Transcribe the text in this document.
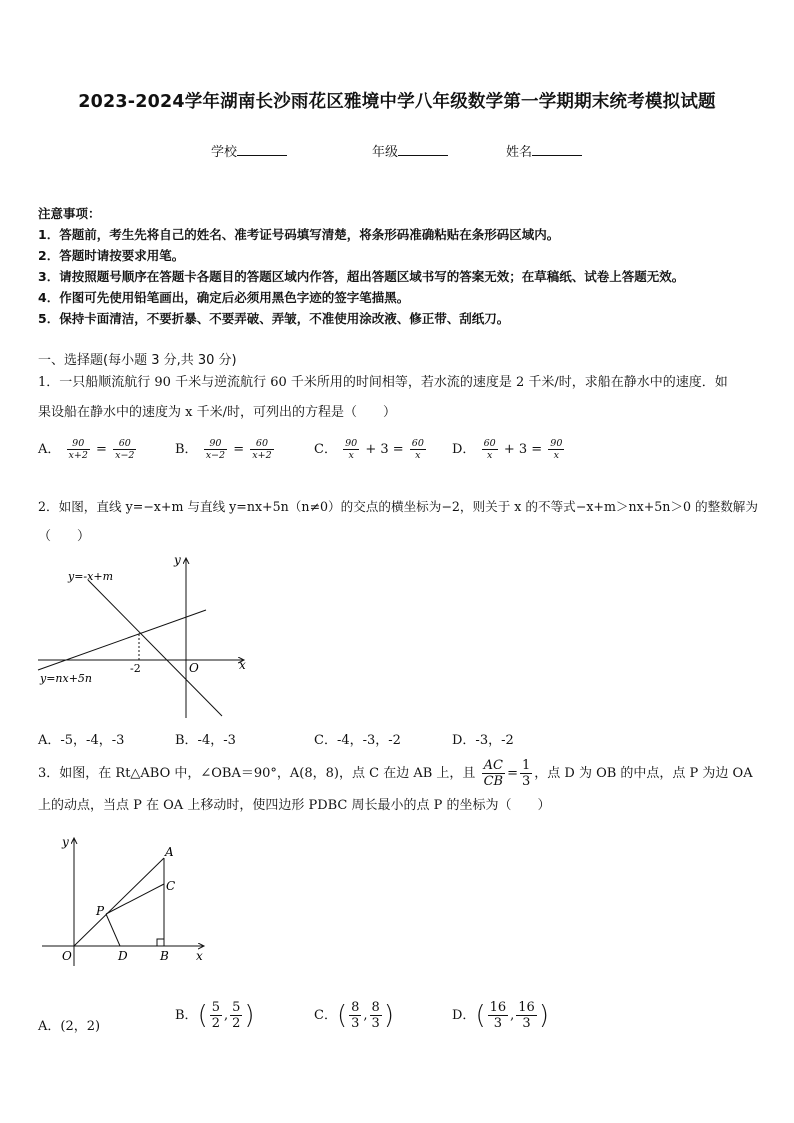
2023-2024学年湖南长沙雨花区雅境中学八年级数学第一学期期末统考模拟试题
学校	年级	姓名
注意事项：
1．答题前，考生先将自己的姓名、准考证号码填写清楚，将条形码准确粘贴在条形码区域内。
2．答题时请按要求用笔。
3．请按照题号顺序在答题卡各题目的答题区域内作答，超出答题区域书写的答案无效；在草稿纸、试卷上答题无效。
4．作图可先使用铅笔画出，确定后必须用黑色字迹的签字笔描黑。
5．保持卡面清洁，不要折暴、不要弄破、弄皱，不准使用涂改液、修正带、刮纸刀。
一、选择题(每小题 3 分,共 30 分)
1．一只船顺流航行 90 千米与逆流航行 60 千米所用的时间相等，若水流的速度是 2 千米/时，求船在静水中的速度．如
果设船在静水中的速度为 x 千米/时，可列出的方程是（　　）
A． $\frac{90}{x+2} = \frac{60}{x-2}$	B． $\frac{90}{x-2} = \frac{60}{x+2}$	C． $\frac{90}{x} + 3 = \frac{60}{x}$ D． $\frac{60}{x} + 3 = \frac{90}{x}$
2．如图，直线 y=−x+m 与直线 y=nx+5n（n≠0）的交点的横坐标为−2，则关于 x 的不等式−x+m＞nx+5n＞0 的整数解为
（　　）
x
y
O
-2
y=-x+m
y=nx+5n
A．-5，-4，-3	B．-4，-3	C．-4，-3，-2	D．-3，-2
3．如图，在 Rt△ABO 中，∠OBA＝90°，A(8，8)，点 C 在边 AB 上，且 $\frac{AC}{CB} = \frac{1}{3}$ ，点 D 为 OB 的中点，点 P 为边 OA
上的动点，当点 P 在 OA 上移动时，使四边形 PDBC 周长最小的点 P 的坐标为（　　）
A
C
P
O	D	B x
y
A．(2，2)
B．( $\frac{5}{2}$ , $\frac{5}{2}$ )	C．( $\frac{8}{3}$ , $\frac{8}{3}$ )	D．( $\frac{16}{3}$ , $\frac{16}{3}$ )
